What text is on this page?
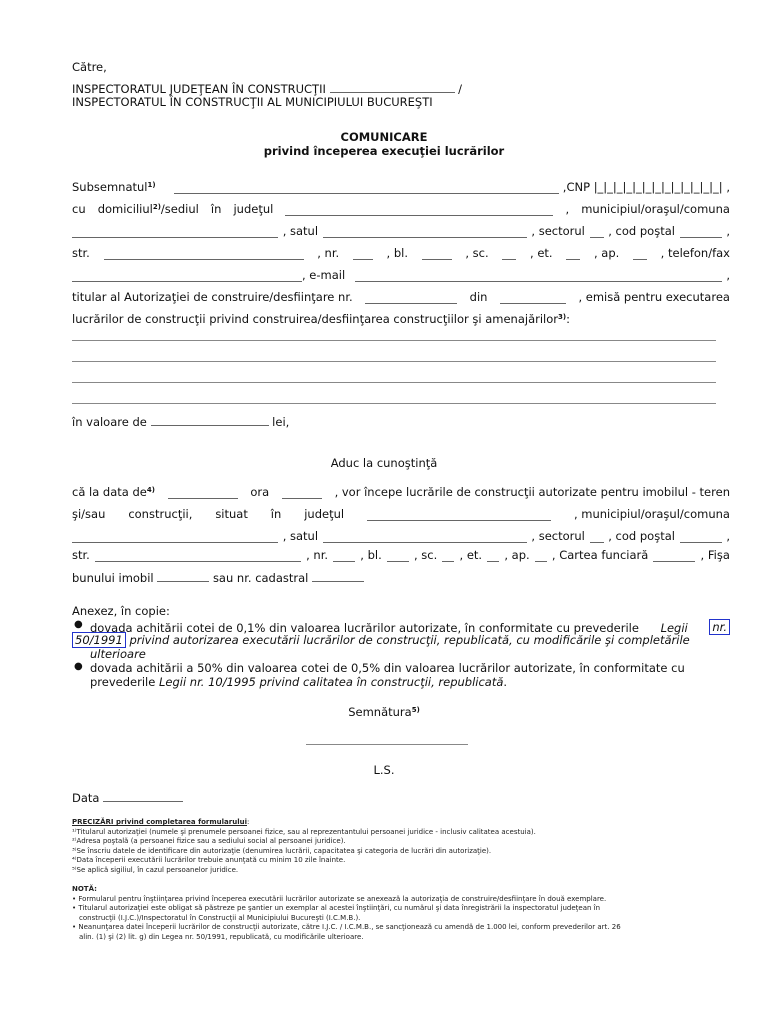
Către,
INSPECTORATUL JUDEŢEAN ÎN CONSTRUCŢII	/
INSPECTORATUL ÎN CONSTRUCŢII AL MUNICIPIULUI BUCUREŞTI
COMUNICARE
privind începerea execuţiei lucrărilor
Subsemnatul$^{1)}$	,CNP |_|_|_|_|_|_|_|_|_|_|_|_|_| ,
cu domiciliul$^{2)}$/sediul în judeţul	, municipiul/oraşul/comuna
, satul	, sectorul , cod poştal	,
str.	, nr.	, bl.	, sc.	, et.	, ap.	, telefon/fax
, e-mail	,
titular al Autorizaţiei de construire/desfiinţare nr.	din	, emisă pentru executarea
lucrărilor de construcţii privind construirea/desfiinţarea construcţiilor şi amenajărilor$^{3)}$:
în valoare de	lei,
Aduc la cunoştinţă
că la data $de^{4)}$	ora	, vor începe lucrările de construcţii autorizate pentru imobilul - teren
şi/sau construcţii, situat în judeţul	, municipiul/oraşul/comuna
, satul	, sectorul , cod poştal	,
str.	, nr.	, bl.	, sc. , et. , ap. , Cartea funciară	, Fişa
bunului imobil	sau nr. cadastral
Anexez, în copie:
● dovada achitării cotei de 0,1% din valoarea lucrărilor autorizate, în conformitate cu prevederile Legii nr.
50/1991 privind autorizarea executării lucrărilor de construcţii, republicată, cu modificările şi completările
ulterioare
● dovada achitării a 50% din valoarea cotei de 0,5% din valoarea lucrărilor autorizate, în conformitate cu
prevederile Legii nr. 10/1995 privind calitatea în construcţii, republicată.
Semnătura$^{5)}$
L.S.
Data

PRECIZĂRI privind completarea formularului:

¹⁾Titularul autorizaţiei (numele şi prenumele persoanei fizice, sau al reprezentantului persoanei juridice - inclusiv calitatea acestuia).

²⁾Adresa poştală (a persoanei fizice sau a sediului social al persoanei juridice).

³⁾Se înscriu datele de identificare din autorizaţie (denumirea lucrării, capacitatea şi categoria de lucrări din autorizaţie).

⁴⁾Data începerii executării lucrărilor trebuie anunţată cu minim 10 zile înainte.

⁵⁾Se aplică sigiliul, în cazul persoanelor juridice.

NOTĂ:

• Formularul pentru înştiinţarea privind începerea executării lucrărilor autorizate se anexează la autorizaţia de construire/desfiinţare în două exemplare.

• Titularul autorizaţiei este obligat să păstreze pe şantier un exemplar al acestei înştiinţări, cu numărul şi data înregistrării la inspectoratul judeţean în

construcţii (I.J.C.)/Inspectoratul în Construcţii al Municipiului Bucureşti (I.C.M.B.).

• Neanunţarea datei începerii lucrărilor de construcţii autorizate, către I.J.C. / I.C.M.B., se sancţionează cu amendă de 1.000 lei, conform prevederilor art. 26

alin. (1) şi (2) lit. g) din Legea nr. 50/1991, republicată, cu modificările ulterioare.
